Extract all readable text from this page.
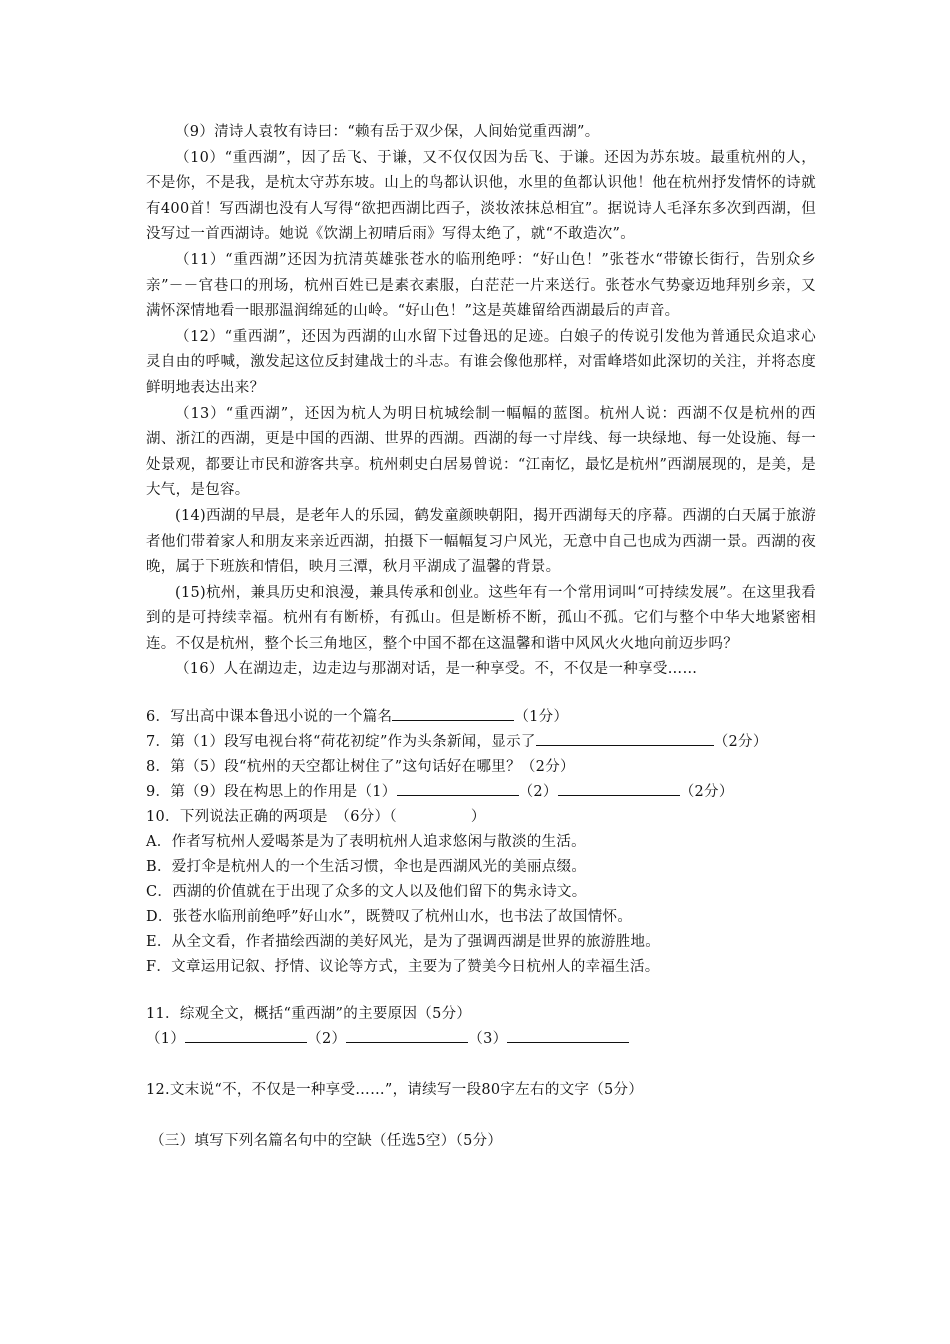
（9）清诗人袁牧有诗曰：“赖有岳于双少保，人间始觉重西湖”。

（10）“重西湖”，因了岳飞、于谦，又不仅仅因为岳飞、于谦。还因为苏东坡。最重杭州的人，不是你，不是我，是杭太守苏东坡。山上的鸟都认识他，水里的鱼都认识他！他在杭州抒发情怀的诗就有400首！写西湖也没有人写得“欲把西湖比西子，淡妆浓抹总相宜”。据说诗人毛泽东多次到西湖，但没写过一首西湖诗。她说《饮湖上初晴后雨》写得太绝了，就“不敢造次”。

（11）“重西湖”还因为抗清英雄张苍水的临刑绝呼：“好山色！”张苍水“带镣长街行，告别众乡亲”－－官巷口的刑场，杭州百姓已是素衣素服，白茫茫一片来送行。张苍水气势豪迈地拜别乡亲，又满怀深情地看一眼那温润绵延的山岭。“好山色！”这是英雄留给西湖最后的声音。

（12）“重西湖”，还因为西湖的山水留下过鲁迅的足迹。白娘子的传说引发他为普通民众追求心灵自由的呼喊，激发起这位反封建战士的斗志。有谁会像他那样，对雷峰塔如此深切的关注，并将态度鲜明地表达出来？

（13）“重西湖”，还因为杭人为明日杭城绘制一幅幅的蓝图。杭州人说：西湖不仅是杭州的西湖、浙江的西湖，更是中国的西湖、世界的西湖。西湖的每一寸岸线、每一块绿地、每一处设施、每一处景观，都要让市民和游客共享。杭州刺史白居易曾说：“江南忆，最忆是杭州”西湖展现的，是美，是大气，是包容。

(14)西湖的早晨，是老年人的乐园，鹤发童颜映朝阳，揭开西湖每天的序幕。西湖的白天属于旅游者他们带着家人和朋友来亲近西湖，拍摄下一幅幅复习户风光，无意中自己也成为西湖一景。西湖的夜晚，属于下班族和情侣，映月三潭，秋月平湖成了温馨的背景。

(15)杭州，兼具历史和浪漫，兼具传承和创业。这些年有一个常用词叫“可持续发展”。在这里我看到的是可持续幸福。杭州有有断桥，有孤山。但是断桥不断，孤山不孤。它们与整个中华大地紧密相连。不仅是杭州，整个长三角地区，整个中国不都在这温馨和谐中风风火火地向前迈步吗？

（16）人在湖边走，边走边与那湖对话，是一种享受。不，不仅是一种享受……

6．写出高中课本鲁迅小说的一个篇名	（1分）

7．第（1）段写电视台将“荷花初绽”作为头条新闻，显示了	（2分）

8．第（5）段“杭州的天空都让树住了”这句话好在哪里？（2分）

9．第（9）段在构思上的作用是（1）	（2）	（2分）

10．下列说法正确的两项是　（6分）（　　　　　）

A．作者写杭州人爱喝茶是为了表明杭州人追求悠闲与散淡的生活。

B．爱打伞是杭州人的一个生活习惯，伞也是西湖风光的美丽点缀。

C．西湖的价值就在于出现了众多的文人以及他们留下的隽永诗文。

D．张苍水临刑前绝呼”好山水”，既赞叹了杭州山水，也书法了故国情怀。

E．从全文看，作者描绘西湖的美好风光，是为了强调西湖是世界的旅游胜地。

F．文章运用记叙、抒情、议论等方式，主要为了赞美今日杭州人的幸福生活。

11．综观全文，概括“重西湖”的主要原因（5分）

（1）	（2）	（3）

12.文末说“不，不仅是一种享受……”，请续写一段80字左右的文字（5分）

（三）填写下列名篇名句中的空缺（任选5空）（5分）
